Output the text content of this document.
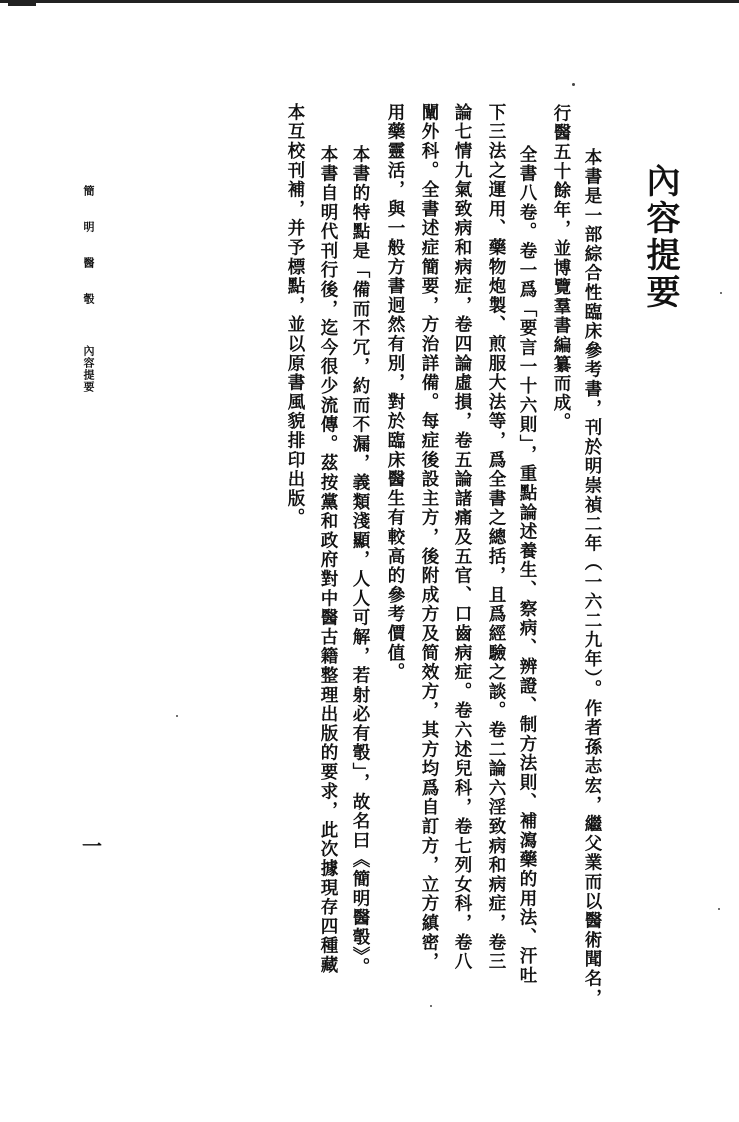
內容提要
本書是一部綜合性臨床參考書，刊於明崇禎二年（一六二九年）。作者孫志宏，繼父業而以醫術聞名，
行醫五十餘年，並博覽羣書編纂而成。
全書八卷。卷一爲「要言一十六則」，重點論述養生、察病、辨證、制方法則、補瀉藥的用法、汗吐
下三法之運用、藥物炮製、煎服大法等，爲全書之總括，且爲經驗之談。卷二論六淫致病和病症，卷三
論七情九氣致病和病症，卷四論虛損，卷五論諸痛及五官、口齒病症。卷六述兒科，卷七列女科，卷八
闡外科。全書述症簡要，方治詳備。每症後設主方，後附成方及简效方，其方均爲自訂方，立方縝密，
用藥靈活，與一般方書迥然有別，對於臨床醫生有較高的參考價值。
本書的特點是「備而不冗，約而不漏，義類淺顯，人人可解，若射必有彀」，故名曰《簡明醫彀》。
本書自明代刊行後，迄今很少流傳。茲按黨和政府對中醫古籍整理出版的要求，此次據現存四種藏
本互校刊補，并予標點，並以原書風貌排印出版。
簡明醫彀
內容提要
一
